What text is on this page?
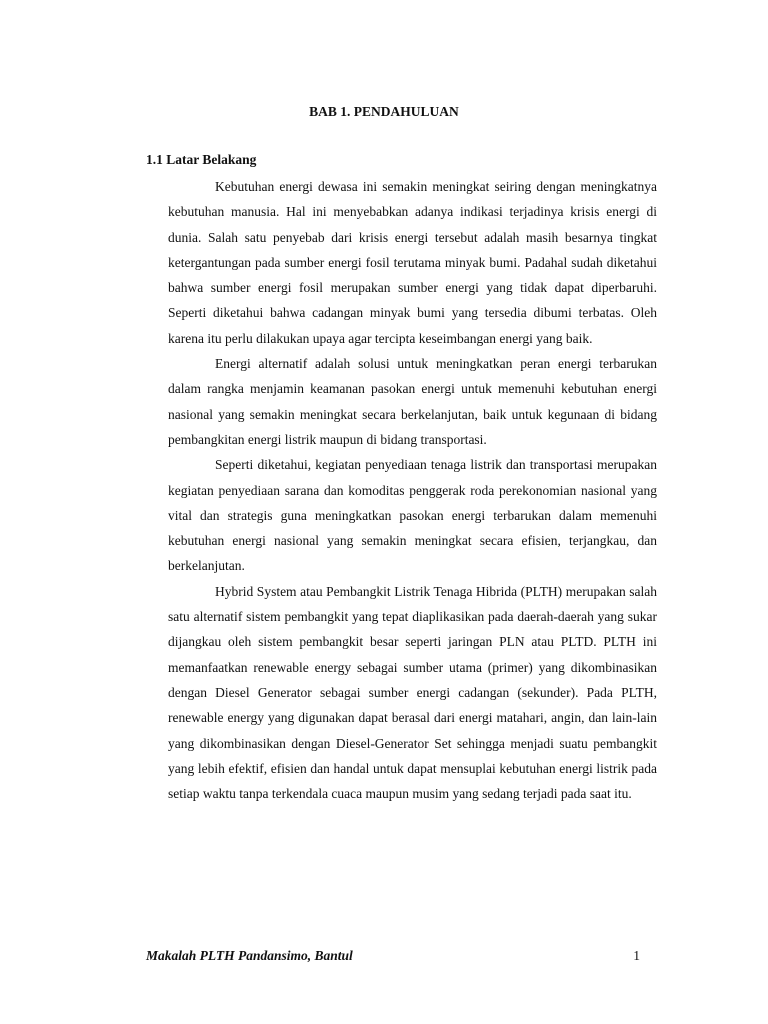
BAB 1. PENDAHULUAN
1.1 Latar Belakang

Kebutuhan energi dewasa ini semakin meningkat seiring dengan meningkatnya kebutuhan manusia. Hal ini menyebabkan adanya indikasi terjadinya krisis energi di dunia. Salah satu penyebab dari krisis energi tersebut adalah masih besarnya tingkat ketergantungan pada sumber energi fosil terutama minyak bumi. Padahal sudah diketahui bahwa sumber energi fosil merupakan sumber energi yang tidak dapat diperbaruhi. Seperti diketahui bahwa cadangan minyak bumi yang tersedia dibumi terbatas. Oleh karena itu perlu dilakukan upaya agar tercipta keseimbangan energi yang baik.

Energi alternatif adalah solusi untuk meningkatkan peran energi terbarukan dalam rangka menjamin keamanan pasokan energi untuk memenuhi kebutuhan energi nasional yang semakin meningkat secara berkelanjutan, baik untuk kegunaan di bidang pembangkitan energi listrik maupun di bidang transportasi.

Seperti diketahui, kegiatan penyediaan tenaga listrik dan transportasi merupakan kegiatan penyediaan sarana dan komoditas penggerak roda perekonomian nasional yang vital dan strategis guna meningkatkan pasokan energi terbarukan dalam memenuhi kebutuhan energi nasional yang semakin meningkat secara efisien, terjangkau, dan berkelanjutan.

Hybrid System atau Pembangkit Listrik Tenaga Hibrida (PLTH) merupakan salah satu alternatif sistem pembangkit yang tepat diaplikasikan pada daerah-daerah yang sukar dijangkau oleh sistem pembangkit besar seperti jaringan PLN atau PLTD. PLTH ini memanfaatkan renewable energy sebagai sumber utama (primer) yang dikombinasikan dengan Diesel Generator sebagai sumber energi cadangan (sekunder). Pada PLTH, renewable energy yang digunakan dapat berasal dari energi matahari, angin, dan lain-lain yang dikombinasikan dengan Diesel-Generator Set sehingga menjadi suatu pembangkit yang lebih efektif, efisien dan handal untuk dapat mensuplai kebutuhan energi listrik pada setiap waktu tanpa terkendala cuaca maupun musim yang sedang terjadi pada saat itu.

Makalah PLTH Pandansimo, Bantul	1
